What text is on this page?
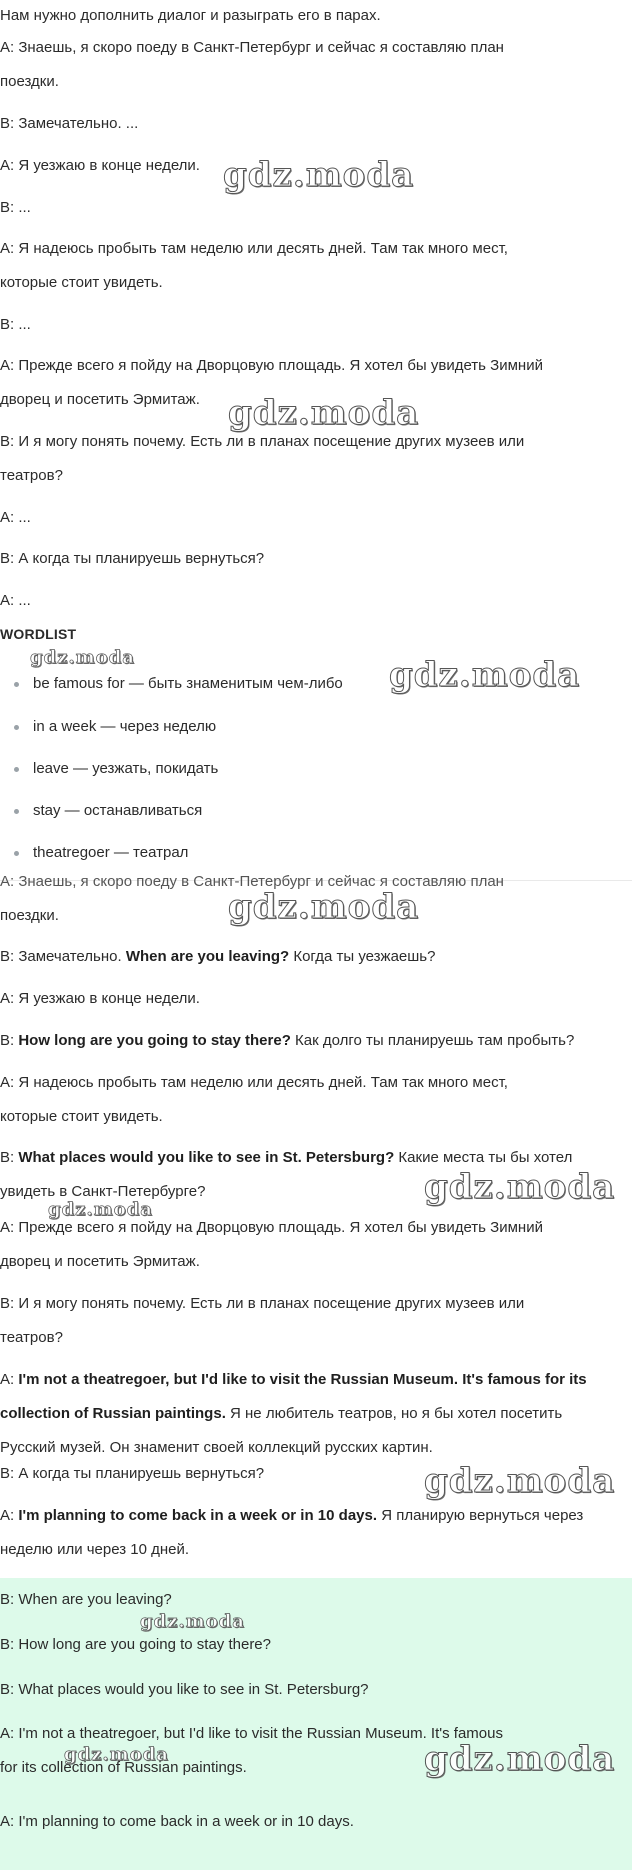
Нам нужно дополнить диалог и разыграть его в парах.
A: Знаешь, я скоро поеду в Санкт-Петербург и сейчас я составляю план
поездки.
B: Замечательно. ...
A: Я уезжаю в конце недели.
B: ...
A: Я надеюсь пробыть там неделю или десять дней. Там так много мест,
которые стоит увидеть.
B: ...
A: Прежде всего я пойду на Дворцовую площадь. Я хотел бы увидеть Зимний
дворец и посетить Эрмитаж.
B: И я могу понять почему. Есть ли в планах посещение других музеев или
театров?
A: ...
B: А когда ты планируешь вернуться?
A: ...
WORDLIST
be famous for — быть знаменитым чем-либо
in a week — через неделю
leave — уезжать, покидать
stay — останавливаться
theatregoer — театрал
gdz.moda
gdz.moda
gdz.moda	gdz.moda
А: Знаешь, я скоро поеду в Санкт-Петербург и сейчас я составляю план
поездки.
B: Замечательно. When are you leaving? Когда ты уезжаешь?
A: Я уезжаю в конце недели.
B: How long are you going to stay there? Как долго ты планируешь там пробыть?
A: Я надеюсь пробыть там неделю или десять дней. Там так много мест,
которые стоит увидеть.
B: What places would you like to see in St. Petersburg? Какие места ты бы хотел
увидеть в Санкт-Петербурге?
A: Прежде всего я пойду на Дворцовую площадь. Я хотел бы увидеть Зимний
дворец и посетить Эрмитаж.
B: И я могу понять почему. Есть ли в планах посещение других музеев или
театров?
A: I'm not a theatregoer, but I'd like to visit the Russian Museum. It's famous for its
collection of Russian paintings. Я не любитель театров, но я бы хотел посетить
Русский музей. Он знаменит своей коллекций русских картин.
B: А когда ты планируешь вернуться?
A: I'm planning to come back in a week or in 10 days. Я планирую вернуться через
неделю или через 10 дней.
gdz.moda
gdz.moda
gdz.moda
gdz.moda
B: When are you leaving?
B: How long are you going to stay there?
B: What places would you like to see in St. Petersburg?
A: I'm not a theatregoer, but I'd like to visit the Russian Museum. It's famous
for its collection of Russian paintings.
A: I'm planning to come back in a week or in 10 days.
gdz.moda
gdz.moda	gdz.moda
